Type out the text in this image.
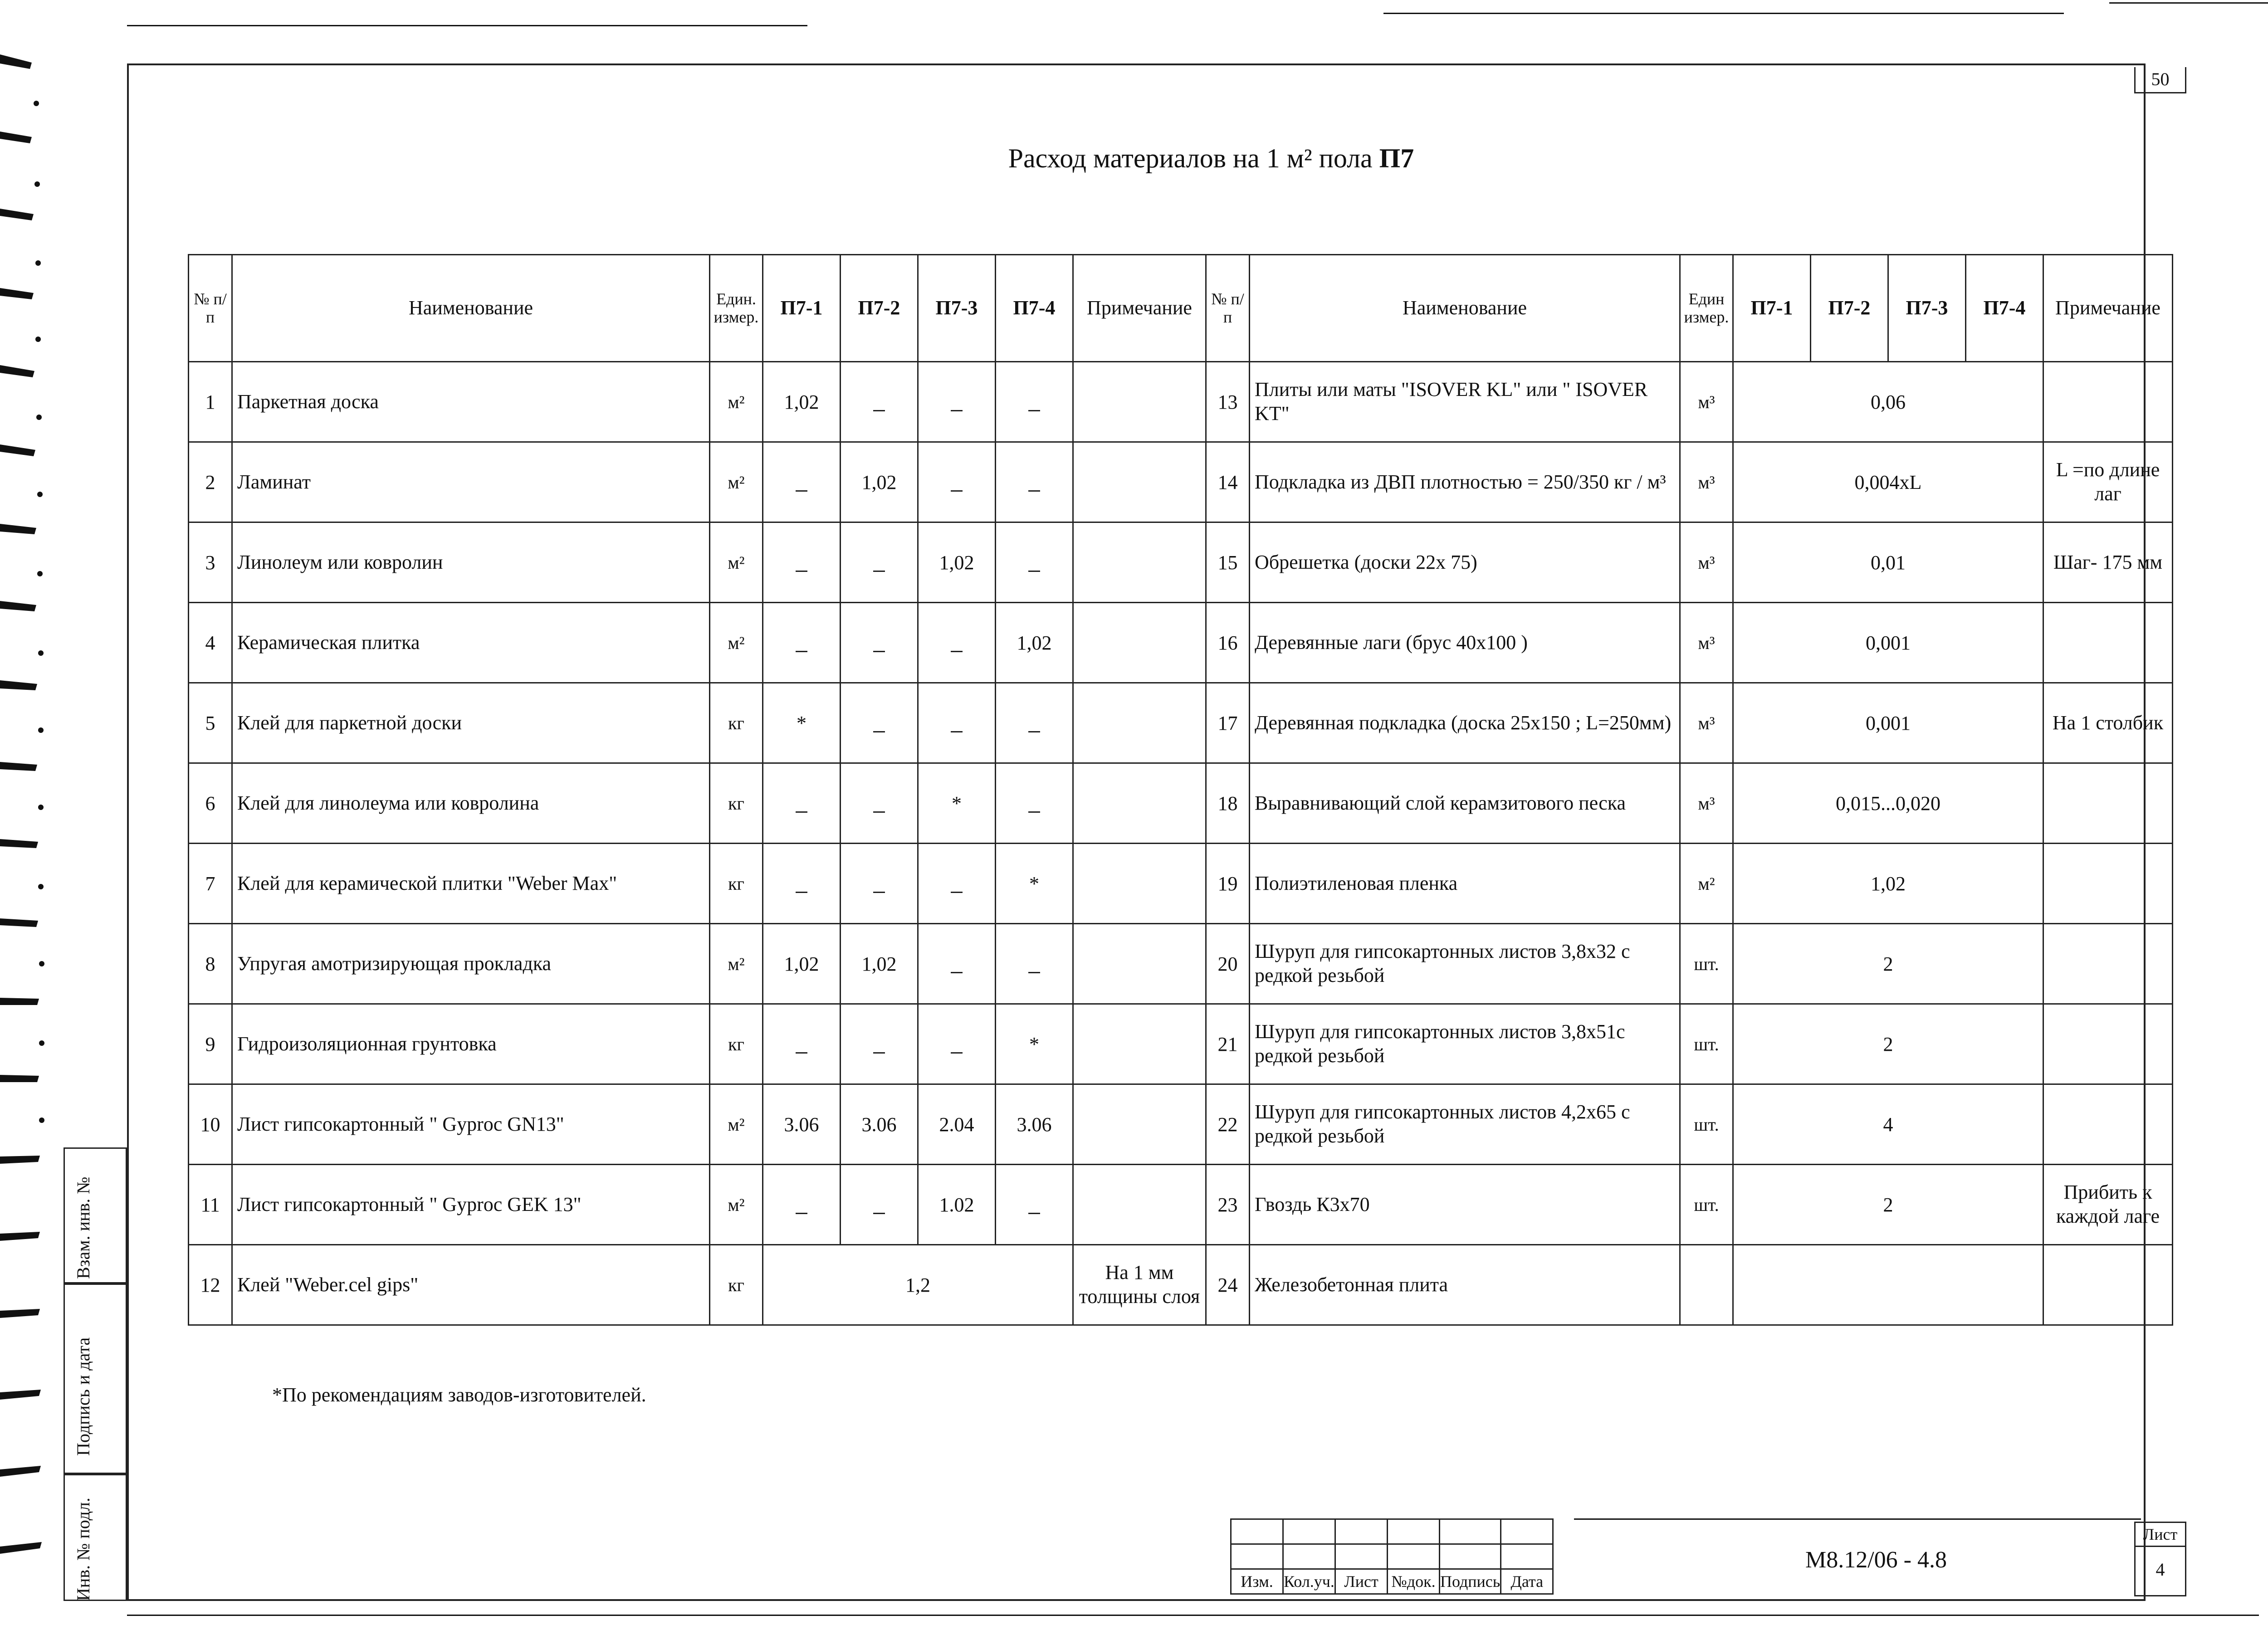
50
Расход материалов на 1 м² пола П7
№ п/п	Наименование	Един. измер.	П7-1	П7-2	П7-3	П7-4	Примечание	№ п/п	Наименование	Един измер.	П7-1	П7-2	П7-3	П7-4	Примечание
1	Паркетная доска	м²	1,02					13	Плиты или маты "ISOVER KL" или " ISOVER KT"	м³	0,06				
2	Ламинат	м²		1,02				14	Подкладка из ДВП плотностью = 250/350 кг / м³	м³	0,004xL				L =по длине лаг
3	Линолеум или ковролин	м²			1,02			15	Обрешетка (доски 22х 75)	м³	0,01				Шаг- 175 мм
4	Керамическая плитка	м²				1,02		16	Деревянные лаги (брус 40х100 )	м³	0,001				
5	Клей для паркетной доски	кг	*					17	Деревянная подкладка (доска 25х150 ; L=250мм)	м³	0,001				На 1 столбик
6	Клей для линолеума или ковролина	кг			*			18	Выравнивающий слой керамзитового песка	м³	0,015...0,020				
7	Клей для керамической плитки "Weber Max"	кг				*		19	Полиэтиленовая пленка	м²	1,02				
8	Упругая амотризирующая прокладка	м²	1,02	1,02				20	Шуруп для гипсокартонных листов 3,8х32 с редкой резьбой	шт.	2				
9	Гидроизоляционная грунтовка	кг				*		21	Шуруп для гипсокартонных листов 3,8х51с редкой резьбой	шт.	2				
10	Лист гипсокартонный " Gyproc GN13"	м²	3.06	3.06	2.04	3.06		22	Шуруп для гипсокартонных листов 4,2х65 с редкой резьбой	шт.	4				
11	Лист гипсокартонный " Gyproc GEK 13"	м²			1.02			23	Гвоздь К3х70	шт.	2				Прибить к каждой лаге
12	Клей "Weber.cel gips"	кг	1,2				На 1 мм толщины слоя	24	Железобетонная плита						
*По рекомендациям заводов-изготовителей.
Взам. инв. №
Подпись и дата
Инв. № подл.

						Изм.	Кол.уч.	Лист	№док.	Подпись	Дата
М8.12/06 - 4.8
Лист
4
